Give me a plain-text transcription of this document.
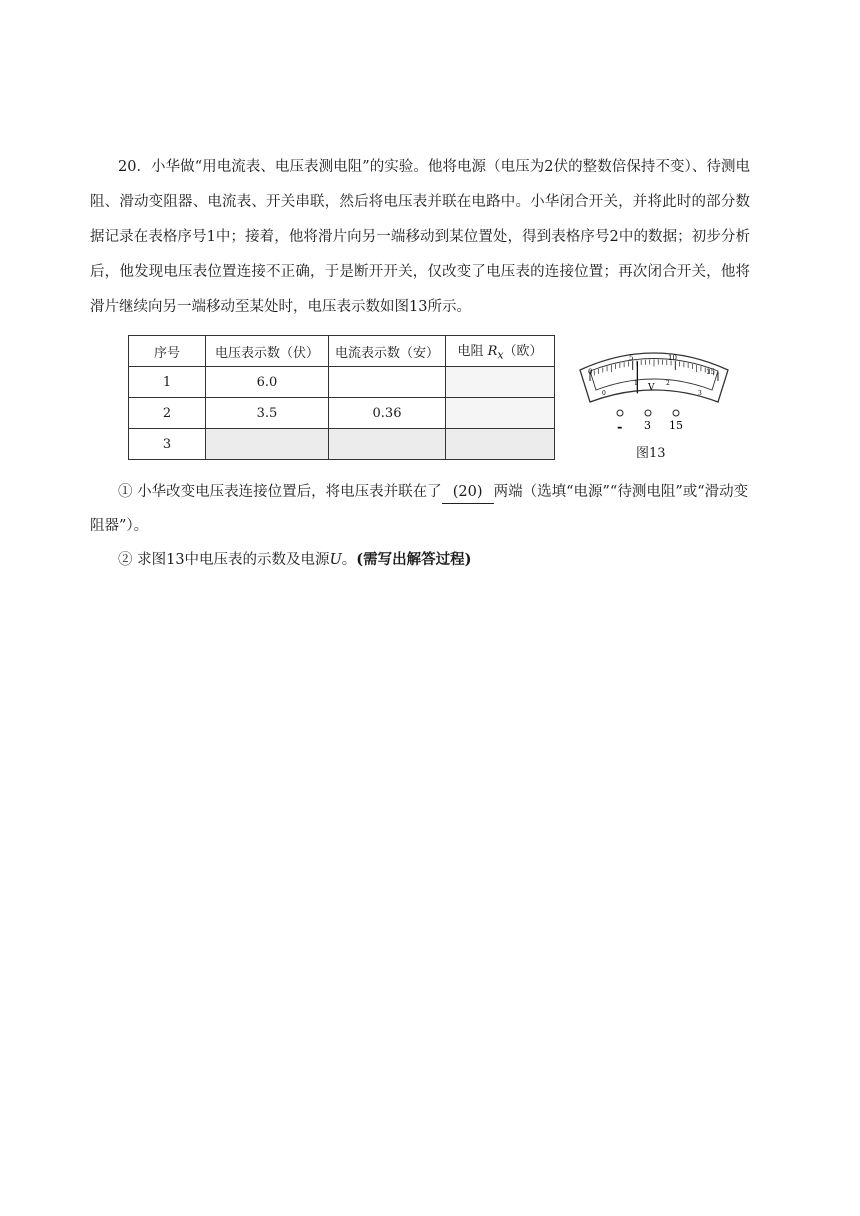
20．小华做“用电流表、电压表测电阻”的实验。他将电源（电压为2伏的整数倍保持不变）、待测电阻、滑动变阻器、电流表、开关串联，然后将电压表并联在电路中。小华闭合开关，并将此时的部分数据记录在表格序号1中；接着，他将滑片向另一端移动到某位置处，得到表格序号2中的数据；初步分析后，他发现电压表位置连接不正确，于是断开开关，仅改变了电压表的连接位置；再次闭合开关，他将滑片继续向另一端移动至某处时，电压表示数如图13所示。

序号	电压表示数（伏）	电流表示数（安）	电阻 $R_x$（欧）
1	6.0		
2	3.5	0.36	
3			
0
5	10
15
0
1	2
3
V
- 3 15
图13

① 小华改变电压表连接位置后，将电压表并联在了 (20) 两端（选填“电源”“待测电阻”或“滑动变阻器”）。

② 求图13中电压表的示数及电源U。(需写出解答过程)
